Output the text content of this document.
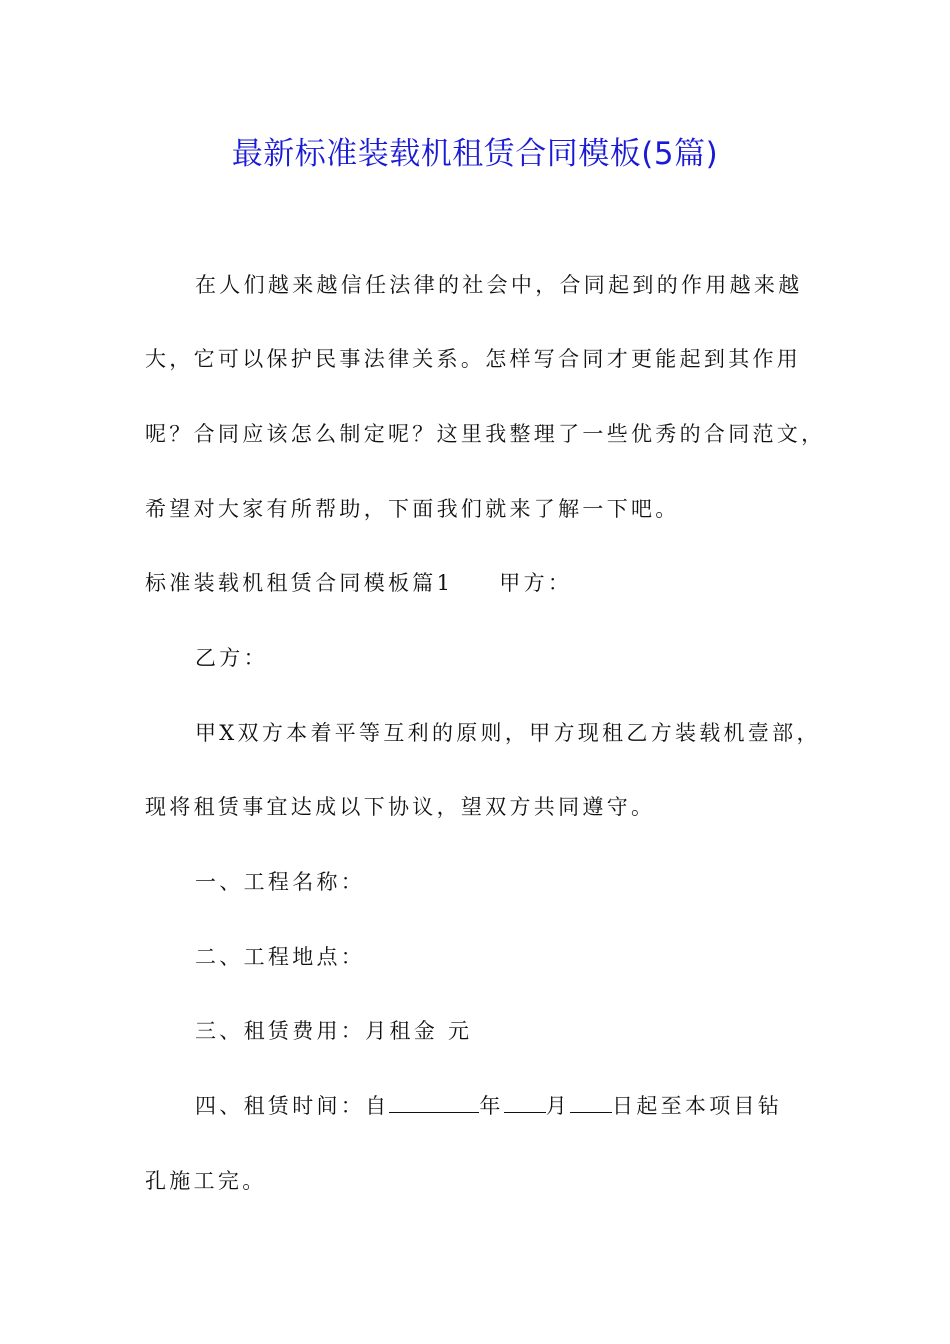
最新标准装载机租赁合同模板(5篇)
在人们越来越信任法律的社会中，合同起到的作用越来越
大，它可以保护民事法律关系。怎样写合同才更能起到其作用
呢？合同应该怎么制定呢？这里我整理了一些优秀的合同范文，
希望对大家有所帮助，下面我们就来了解一下吧。
标准装载机租赁合同模板篇1 甲方：
乙方：
甲X双方本着平等互利的原则，甲方现租乙方装载机壹部，
现将租赁事宜达成以下协议，望双方共同遵守。
一、工程名称：
二、工程地点：
三、租赁费用：月租金 元
四、租赁时间：自	年 月 日起至本项目钻
孔施工完。
